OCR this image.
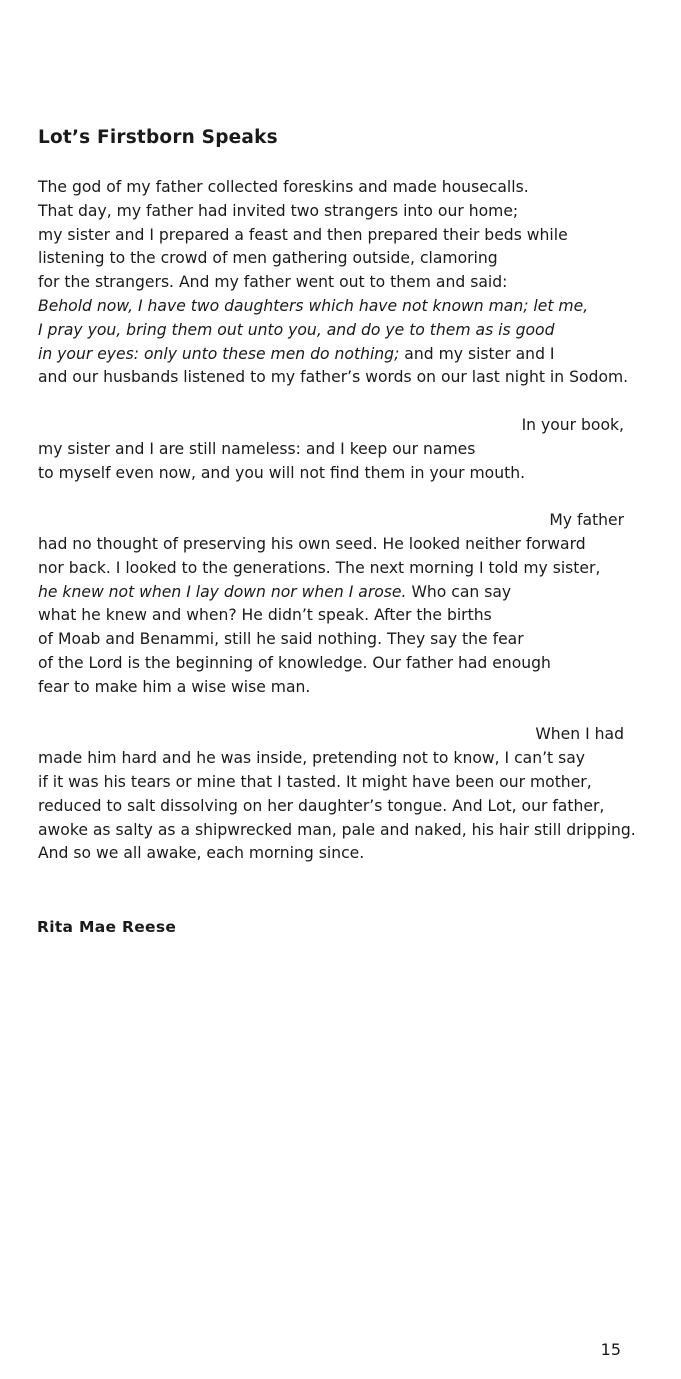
Lot’s Firstborn Speaks
The god of my father collected foreskins and made housecalls.
That day, my father had invited two strangers into our home;
my sister and I prepared a feast and then prepared their beds while
listening to the crowd of men gathering outside, clamoring
for the strangers. And my father went out to them and said:
Behold now, I have two daughters which have not known man; let me,
I pray you, bring them out unto you, and do ye to them as is good
in your eyes: only unto these men do nothing; and my sister and I
and our husbands listened to my father’s words on our last night in Sodom.
In your book,
my sister and I are still nameless: and I keep our names
to myself even now, and you will not find them in your mouth.
My father
had no thought of preserving his own seed. He looked neither forward
nor back. I looked to the generations. The next morning I told my sister,
he knew not when I lay down nor when I arose. Who can say
what he knew and when? He didn’t speak. After the births
of Moab and Benammi, still he said nothing. They say the fear
of the Lord is the beginning of knowledge. Our father had enough
fear to make him a wise wise man.
When I had
made him hard and he was inside, pretending not to know, I can’t say
if it was his tears or mine that I tasted. It might have been our mother,
reduced to salt dissolving on her daughter’s tongue. And Lot, our father,
awoke as salty as a shipwrecked man, pale and naked, his hair still dripping.
And so we all awake, each morning since.
Rita Mae Reese
15
